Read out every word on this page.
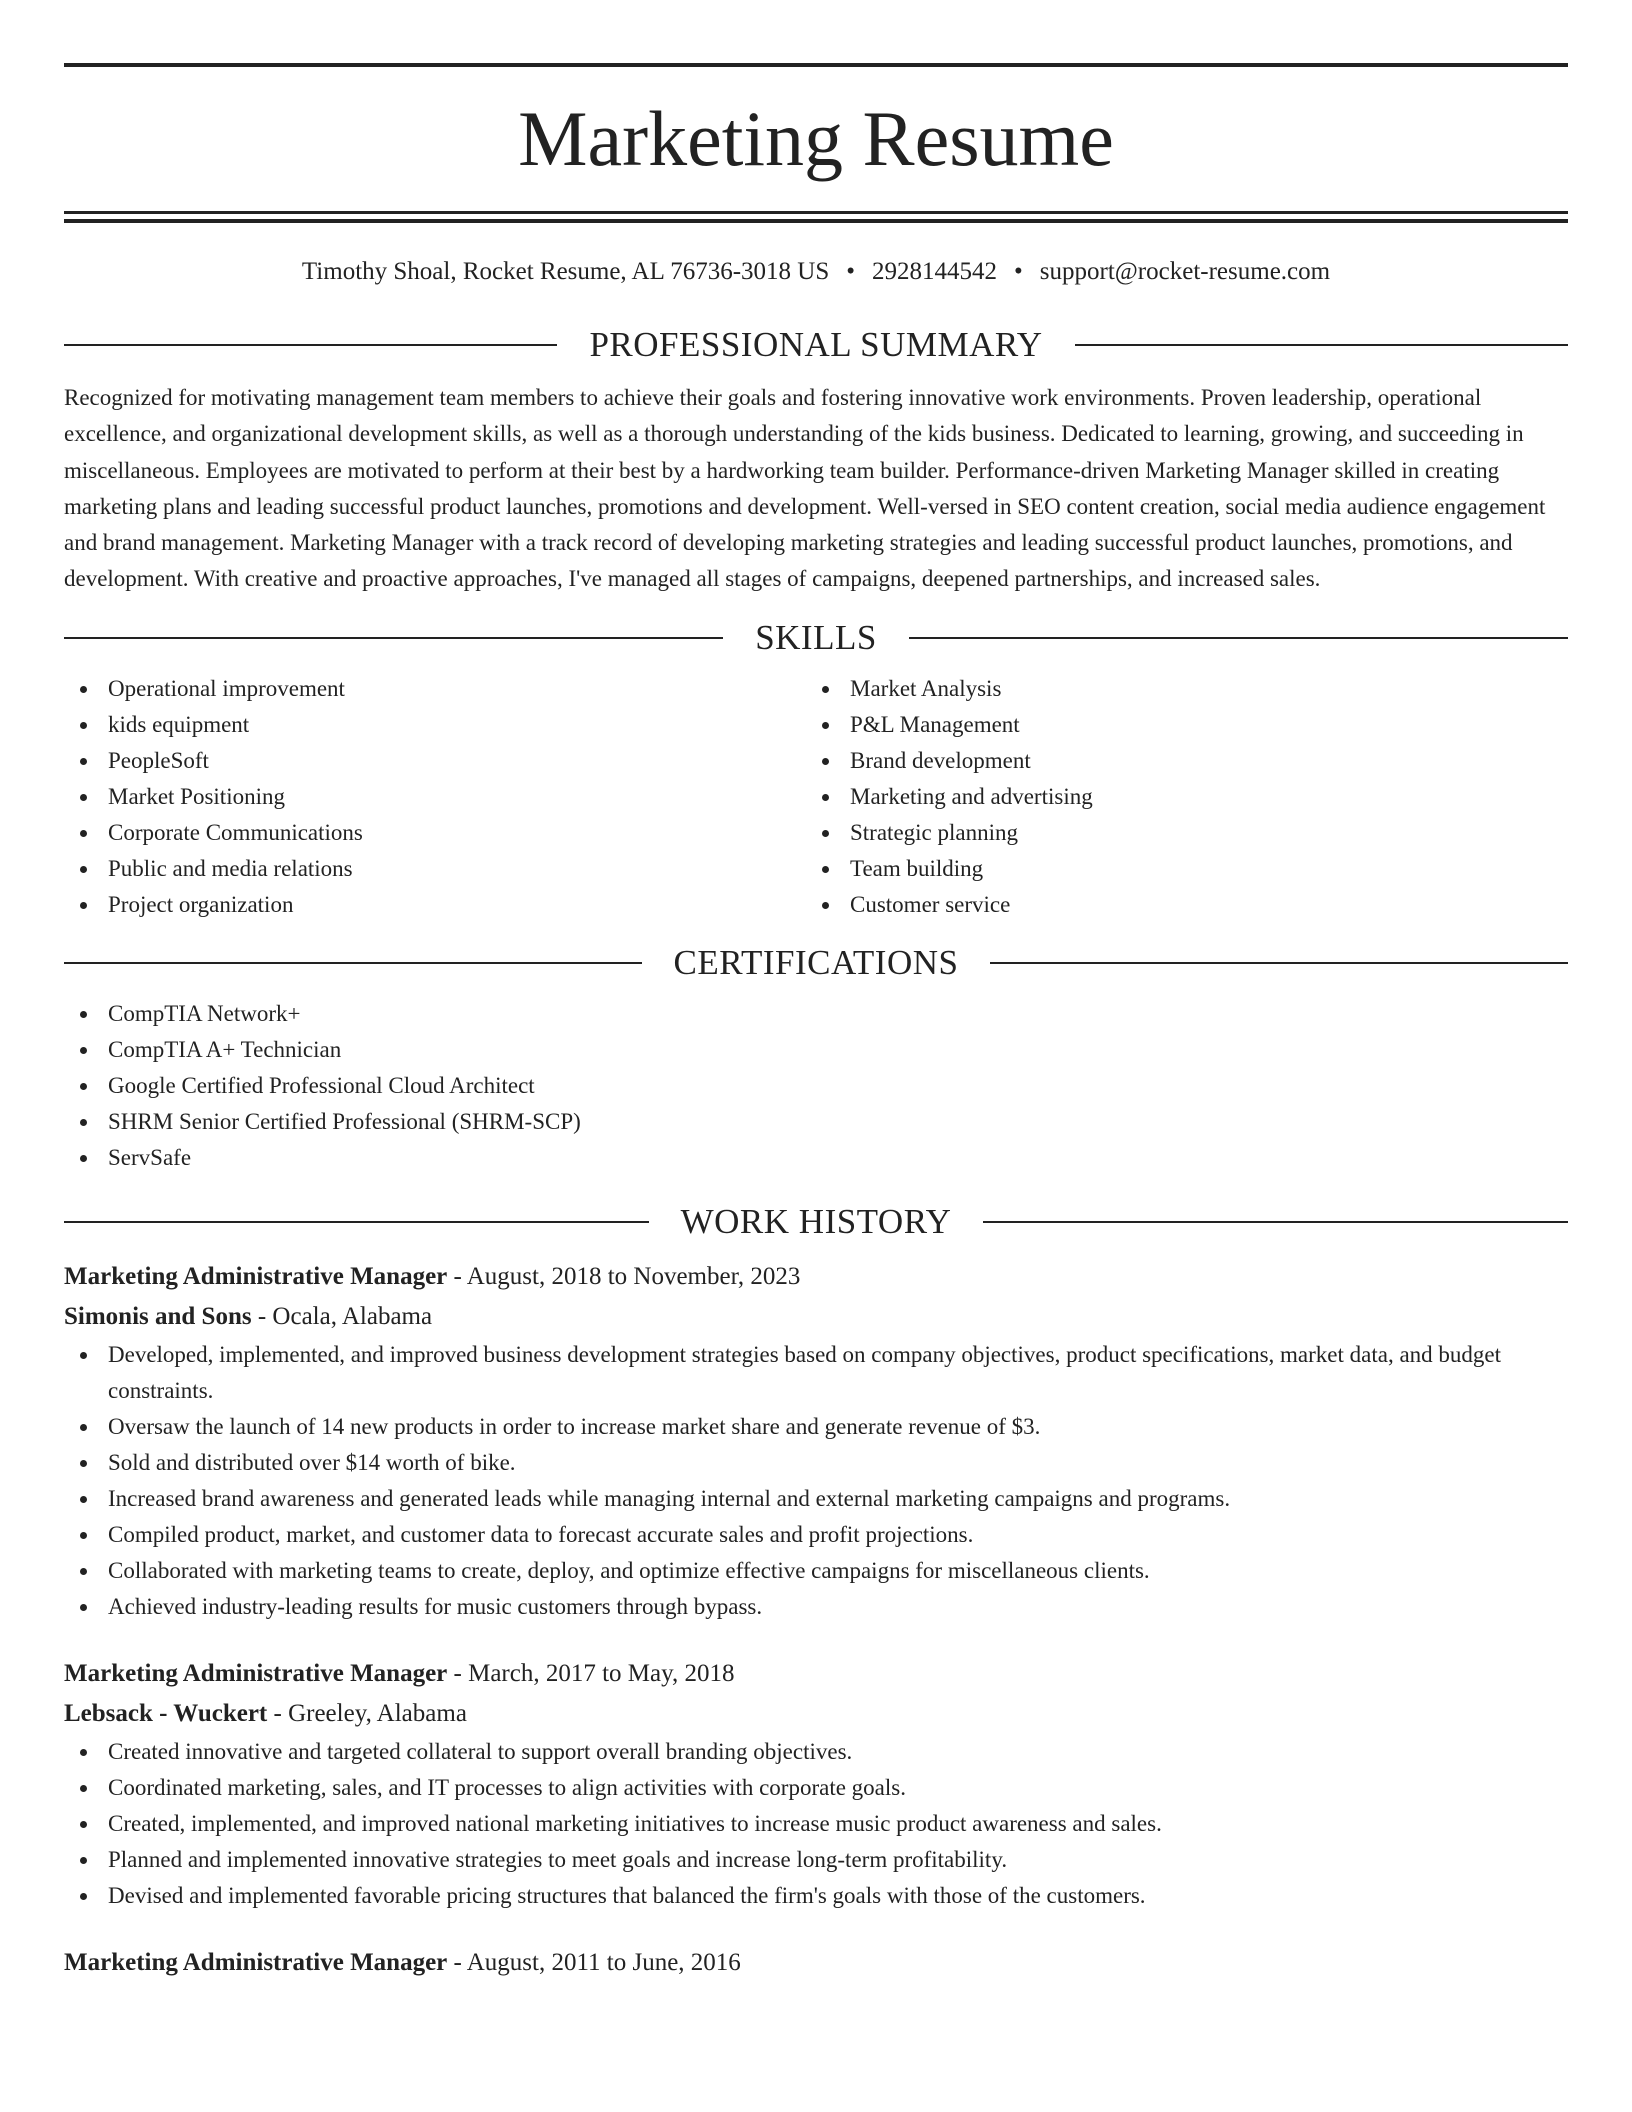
Marketing Resume
Timothy Shoal, Rocket Resume, AL 76736-3018 US • 2928144542 • support@rocket-resume.com
PROFESSIONAL SUMMARY

Recognized for motivating management team members to achieve their goals and fostering innovative work environments. Proven leadership, operational excellence, and organizational development skills, as well as a thorough understanding of the kids business. Dedicated to learning, growing, and succeeding in miscellaneous. Employees are motivated to perform at their best by a hardworking team builder. Performance-driven Marketing Manager skilled in creating marketing plans and leading successful product launches, promotions and development. Well-versed in SEO content creation, social media audience engagement and brand management. Marketing Manager with a track record of developing marketing strategies and leading successful product launches, promotions, and development. With creative and proactive approaches, I've managed all stages of campaigns, deepened partnerships, and increased sales.

SKILLS
Operational improvement
kids equipment
PeopleSoft
Market Positioning
Corporate Communications
Public and media relations
Project organization
Market Analysis
P&L Management
Brand development
Marketing and advertising
Strategic planning
Team building
Customer service
CERTIFICATIONS
CompTIA Network+
CompTIA A+ Technician
Google Certified Professional Cloud Architect
SHRM Senior Certified Professional (SHRM-SCP)
ServSafe
WORK HISTORY
Marketing Administrative Manager - August, 2018 to November, 2023
Simonis and Sons - Ocala, Alabama
Developed, implemented, and improved business development strategies based on company objectives, product specifications, market data, and budget constraints.
Oversaw the launch of 14 new products in order to increase market share and generate revenue of $3.
Sold and distributed over $14 worth of bike.
Increased brand awareness and generated leads while managing internal and external marketing campaigns and programs.
Compiled product, market, and customer data to forecast accurate sales and profit projections.
Collaborated with marketing teams to create, deploy, and optimize effective campaigns for miscellaneous clients.
Achieved industry-leading results for music customers through bypass.
Marketing Administrative Manager - March, 2017 to May, 2018
Lebsack - Wuckert - Greeley, Alabama
Created innovative and targeted collateral to support overall branding objectives.
Coordinated marketing, sales, and IT processes to align activities with corporate goals.
Created, implemented, and improved national marketing initiatives to increase music product awareness and sales.
Planned and implemented innovative strategies to meet goals and increase long-term profitability.
Devised and implemented favorable pricing structures that balanced the firm's goals with those of the customers.
Marketing Administrative Manager - August, 2011 to June, 2016
